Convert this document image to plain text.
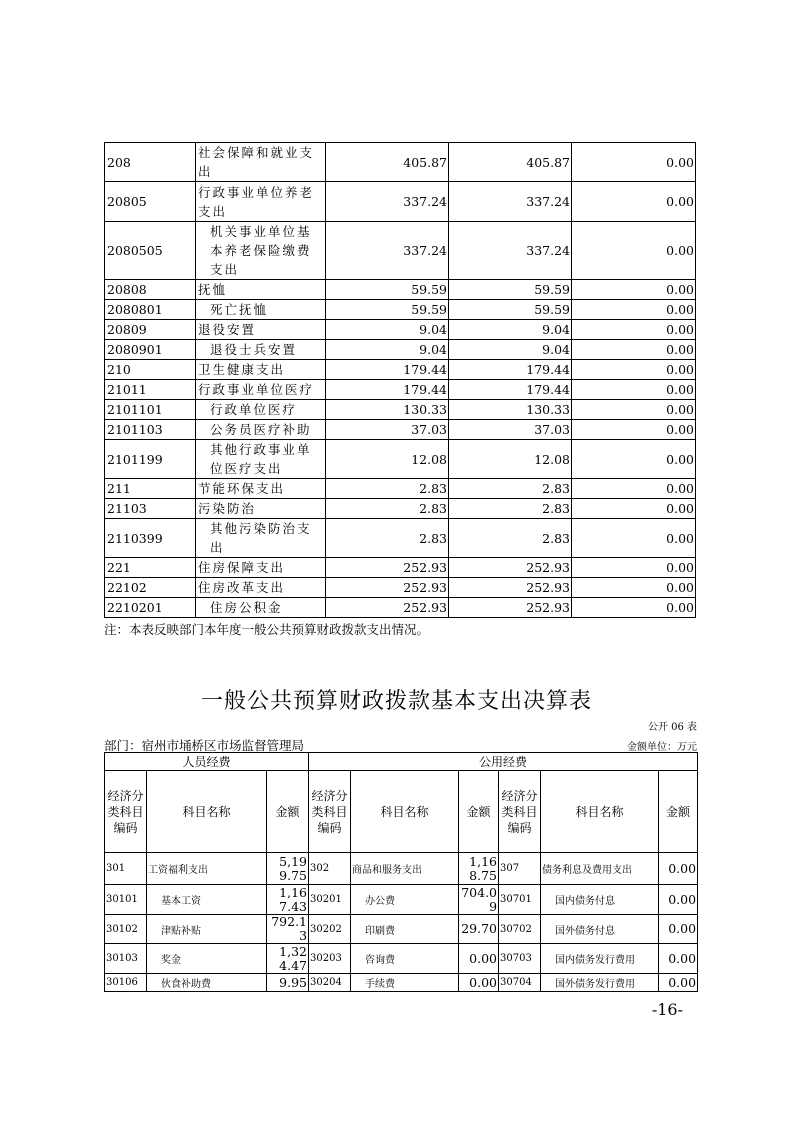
208	社会保障和就业支出	405.87	405.87	0.00
20805	行政事业单位养老支出	337.24	337.24	0.00
2080505	机关事业单位基本养老保险缴费支出	337.24	337.24	0.00
20808	抚恤	59.59	59.59	0.00
2080801	死亡抚恤	59.59	59.59	0.00
20809	退役安置	9.04	9.04	0.00
2080901	退役士兵安置	9.04	9.04	0.00
210	卫生健康支出	179.44	179.44	0.00
21011	行政事业单位医疗	179.44	179.44	0.00
2101101	行政单位医疗	130.33	130.33	0.00
2101103	公务员医疗补助	37.03	37.03	0.00
2101199	其他行政事业单位医疗支出	12.08	12.08	0.00
211	节能环保支出	2.83	2.83	0.00
21103	污染防治	2.83	2.83	0.00
2110399	其他污染防治支出	2.83	2.83	0.00
221	住房保障支出	252.93	252.93	0.00
22102	住房改革支出	252.93	252.93	0.00
2210201	住房公积金	252.93	252.93	0.00
注：本表反映部门本年度一般公共预算财政拨款支出情况。
一般公共预算财政拨款基本支出决算表
公开 06 表
部门：宿州市埇桥区市场监督管理局	金额单位：万元
人员经费			公用经费					
经济分类科目编码	科目名称	金额	经济分类科目编码	科目名称	金额	经济分类科目编码	科目名称	金额
301	工资福利支出	5,199.75	302	商品和服务支出	1,168.75	307	债务利息及费用支出	0.00
30101	基本工资	1,167.43	30201	办公费	704.09	30701	国内债务付息	0.00
30102	津贴补贴	792.13	30202	印刷费	29.70	30702	国外债务付息	0.00
30103	奖金	1,324.47	30203	咨询费	0.00	30703	国内债务发行费用	0.00
30106	伙食补助费	9.95	30204	手续费	0.00	30704	国外债务发行费用	0.00
-16-
